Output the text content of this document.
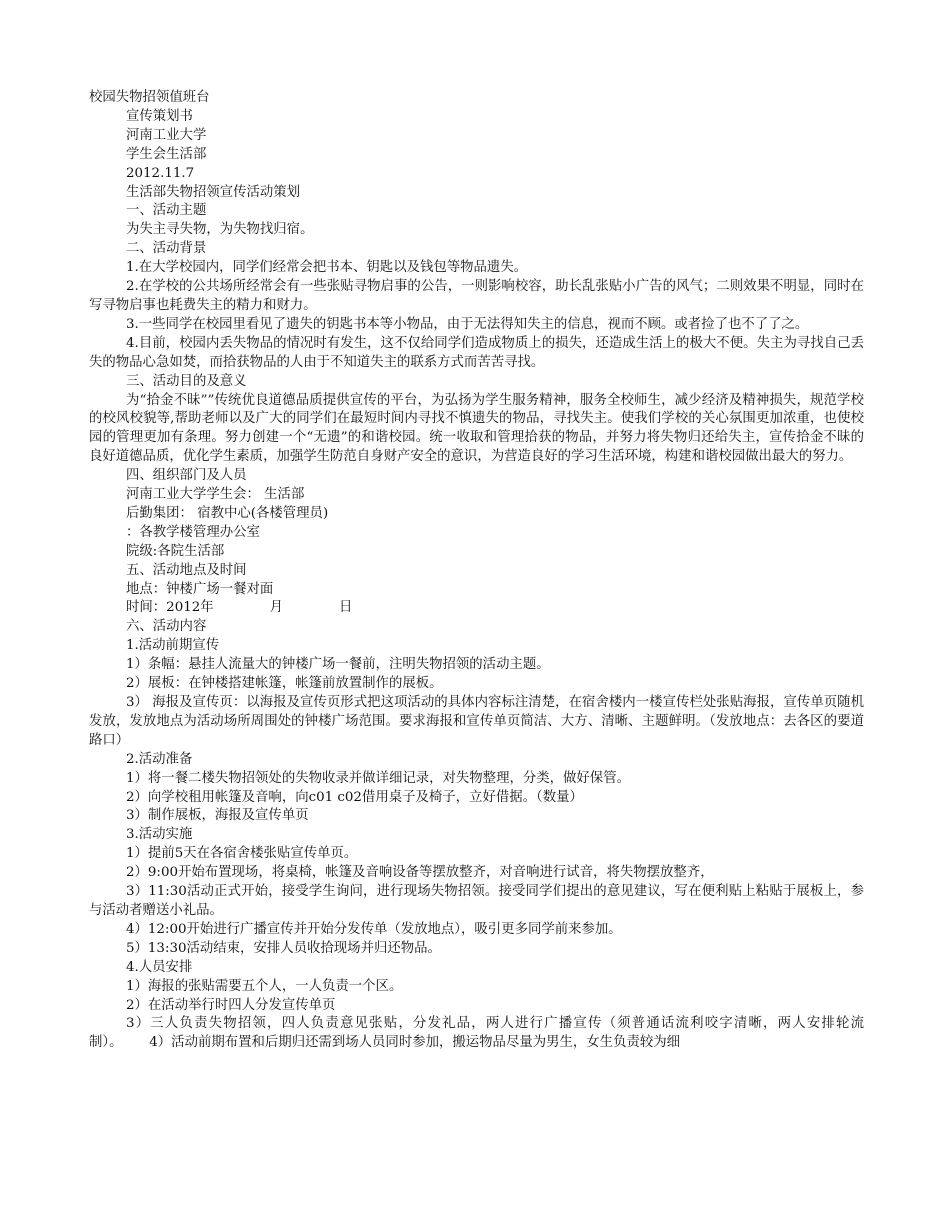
校园失物招领值班台

宣传策划书

河南工业大学

学生会生活部

2012.11.7

生活部失物招领宣传活动策划

一、活动主题

为失主寻失物，为失物找归宿。

二、活动背景

1.在大学校园内，同学们经常会把书本、钥匙以及钱包等物品遗失。

2.在学校的公共场所经常会有一些张贴寻物启事的公告，一则影响校容，助长乱张贴小广告的风气；二则效果不明显，同时在写寻物启事也耗费失主的精力和财力。

3.一些同学在校园里看见了遗失的钥匙书本等小物品，由于无法得知失主的信息，视而不顾。或者捡了也不了了之。

4.目前，校园内丢失物品的情况时有发生，这不仅给同学们造成物质上的损失，还造成生活上的极大不便。失主为寻找自己丢失的物品心急如焚，而拾获物品的人由于不知道失主的联系方式而苦苦寻找。

三、活动目的及意义

为“拾金不昧””传统优良道德品质提供宣传的平台，为弘扬为学生服务精神，服务全校师生，减少经济及精神损失，规范学校的校风校貌等,帮助老师以及广大的同学们在最短时间内寻找不慎遗失的物品，寻找失主。使我们学校的关心氛围更加浓重，也使校园的管理更加有条理。努力创建一个“无遗”的和谐校园。统一收取和管理拾获的物品，并努力将失物归还给失主，宣传拾金不昧的良好道德品质，优化学生素质，加强学生防范自身财产安全的意识，为营造良好的学习生活环境，构建和谐校园做出最大的努力。

四、组织部门及人员

河南工业大学学生会： 生活部

后勤集团： 宿教中心(各楼管理员)

：各教学楼管理办公室

院级:各院生活部

五、活动地点及时间

地点：钟楼广场一餐对面

时间：2012年	月	日

六、活动内容

1.活动前期宣传

1）条幅：悬挂人流量大的钟楼广场一餐前，注明失物招领的活动主题。

2）展板：在钟楼搭建帐篷，帐篷前放置制作的展板。

3） 海报及宣传页：以海报及宣传页形式把这项活动的具体内容标注清楚，在宿舍楼内一楼宣传栏处张贴海报，宣传单页随机发放，发放地点为活动场所周围处的钟楼广场范围。要求海报和宣传单页简洁、大方、清晰、主题鲜明。（发放地点：去各区的要道路口）

2.活动准备

1）将一餐二楼失物招领处的失物收录并做详细记录，对失物整理，分类，做好保管。

2）向学校租用帐篷及音响，向c01 c02借用桌子及椅子，立好借据。（数量）

3）制作展板，海报及宣传单页

3.活动实施

1）提前5天在各宿舍楼张贴宣传单页。

2）9:00开始布置现场，将桌椅，帐篷及音响设备等摆放整齐，对音响进行试音，将失物摆放整齐，

3）11:30活动正式开始，接受学生询问，进行现场失物招领。接受同学们提出的意见建议，写在便利贴上粘贴于展板上，参与活动者赠送小礼品。

4）12:00开始进行广播宣传并开始分发传单（发放地点），吸引更多同学前来参加。

5）13:30活动结束，安排人员收拾现场并归还物品。

4.人员安排

1）海报的张贴需要五个人，一人负责一个区。

2）在活动举行时四人分发宣传单页

3）三人负责失物招领，四人负责意见张贴，分发礼品，两人进行广播宣传（须普通话流利咬字清晰，两人安排轮流制）。   4）活动前期布置和后期归还需到场人员同时参加，搬运物品尽量为男生，女生负责较为细
